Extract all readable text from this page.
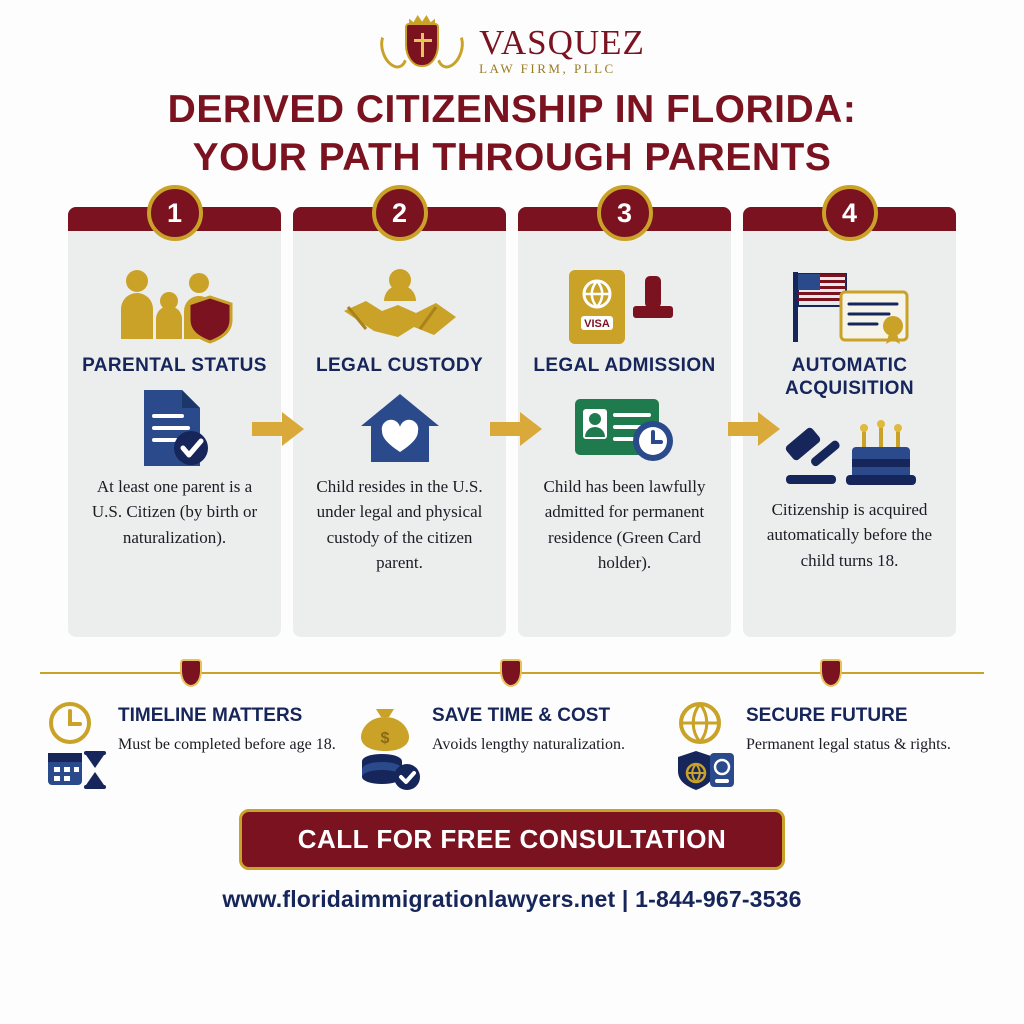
VASQUEZ
LAW FIRM, PLLC
DERIVED CITIZENSHIP IN FLORIDA:
YOUR PATH THROUGH PARENTS
1
PARENTAL STATUS
At least one parent is a U.S. Citizen (by birth or naturalization).
2
LEGAL CUSTODY
Child resides in the U.S. under legal and physical custody of the citizen parent.
3
VISA
LEGAL ADMISSION
Child has been lawfully admitted for permanent residence (Green Card holder).
4
AUTOMATIC ACQUISITION
Citizenship is acquired automatically before the child turns 18.
TIMELINE MATTERS
Must be completed before age 18.	$
SAVE TIME & COST
Avoids lengthy naturalization.
SECURE FUTURE
Permanent legal status & rights.
CALL FOR FREE CONSULTATION
www.floridaimmigrationlawyers.net | 1-844-967-3536
